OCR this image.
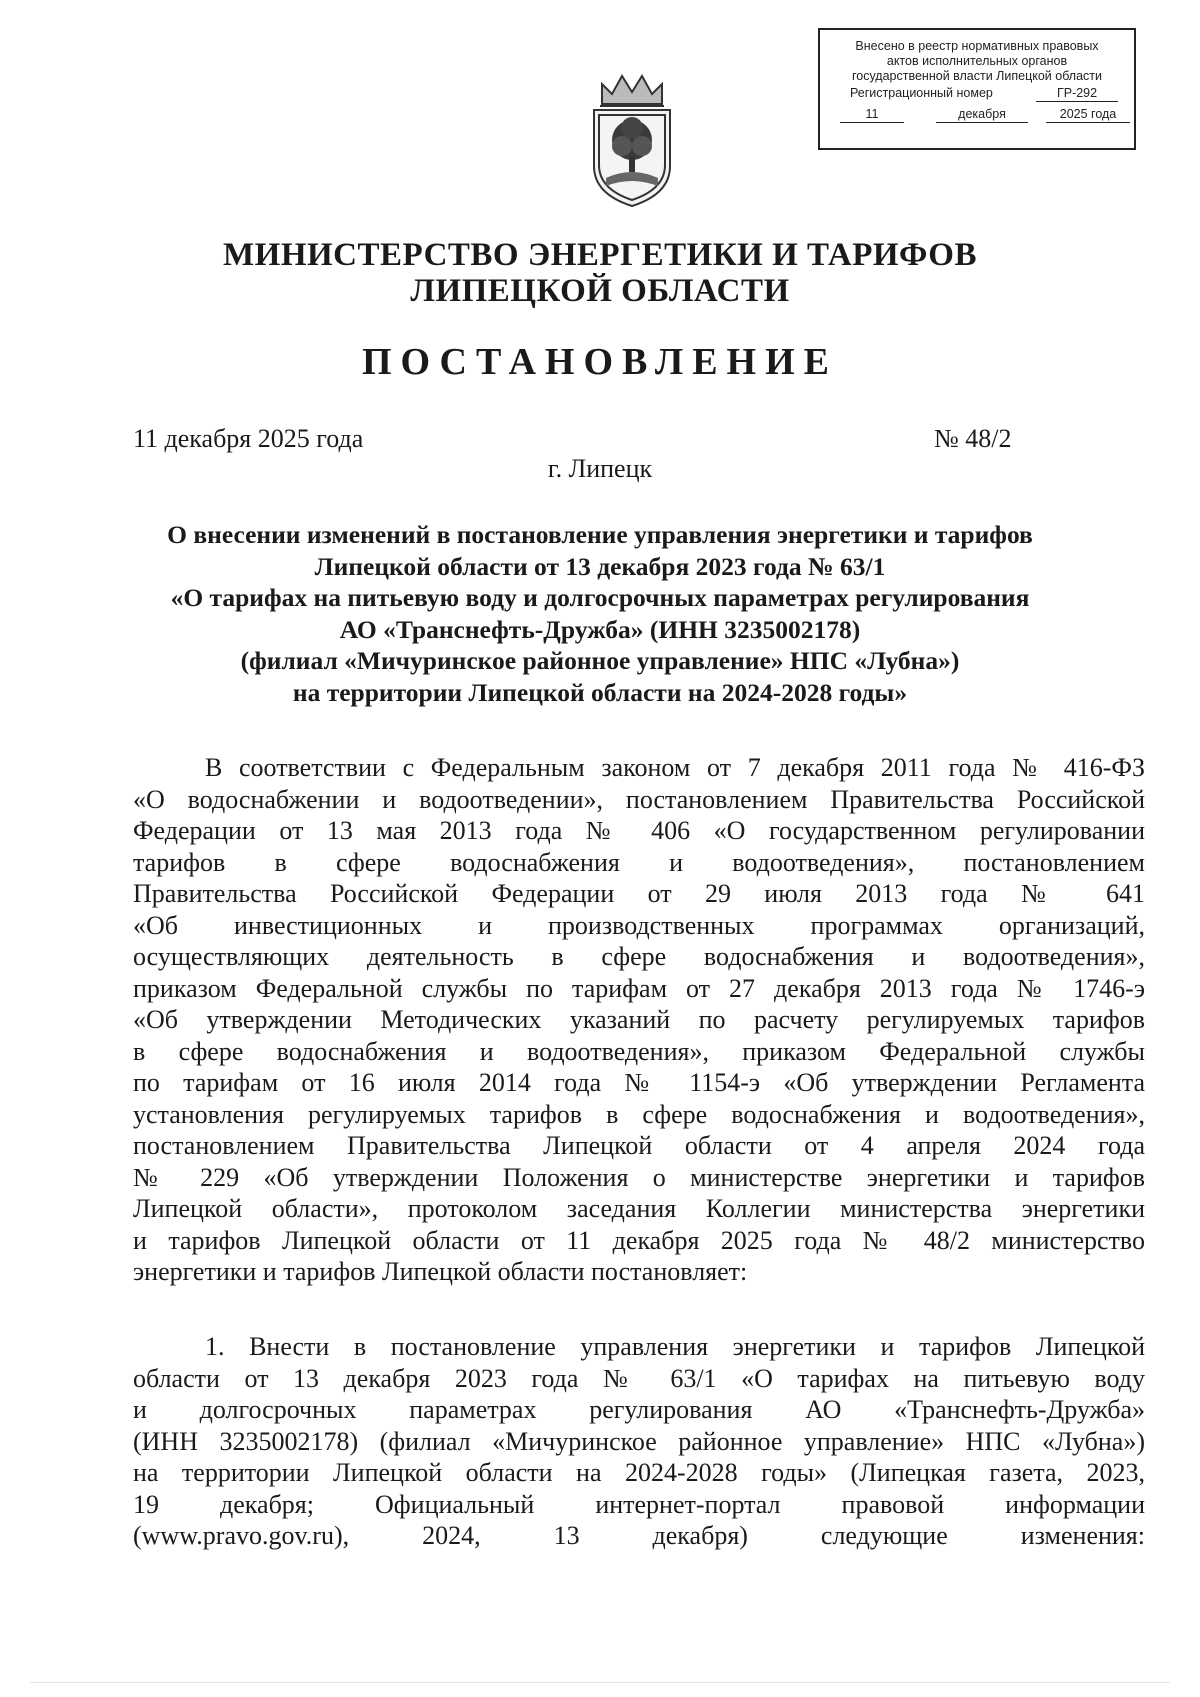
Внесено в реестр нормативных правовых
актов исполнительных органов
государственной власти Липецкой области
Регистрационный номер	ГР-292
11	декабря	2025 года
МИНИСТЕРСТВО ЭНЕРГЕТИКИ И ТАРИФОВ
ЛИПЕЦКОЙ ОБЛАСТИ
ПОСТАНОВЛЕНИЕ
11 декабря 2025 года	№ 48/2
г. Липецк
О внесении изменений в постановление управления энергетики и тарифов
Липецкой области от 13 декабря 2023 года № 63/1
«О тарифах на питьевую воду и долгосрочных параметрах регулирования
АО «Транснефть-Дружба» (ИНН 3235002178)
(филиал «Мичуринское районное управление» НПС «Лубна»)
на территории Липецкой области на 2024-2028 годы»
В соответствии с Федеральным законом от 7 декабря 2011 года № 416-ФЗ
«О водоснабжении и водоотведении», постановлением Правительства Российской
Федерации от 13 мая 2013 года № 406 «О государственном регулировании
тарифов в сфере водоснабжения и водоотведения», постановлением
Правительства Российской Федерации от 29 июля 2013 года № 641
«Об инвестиционных и производственных программах организаций,
осуществляющих деятельность в сфере водоснабжения и водоотведения»,
приказом Федеральной службы по тарифам от 27 декабря 2013 года № 1746-э
«Об утверждении Методических указаний по расчету регулируемых тарифов
в сфере водоснабжения и водоотведения», приказом Федеральной службы
по тарифам от 16 июля 2014 года № 1154-э «Об утверждении Регламента
установления регулируемых тарифов в сфере водоснабжения и водоотведения»,
постановлением Правительства Липецкой области от 4 апреля 2024 года
№ 229 «Об утверждении Положения о министерстве энергетики и тарифов
Липецкой области», протоколом заседания Коллегии министерства энергетики
и тарифов Липецкой области от 11 декабря 2025 года № 48/2 министерство
энергетики и тарифов Липецкой области постановляет:
1. Внести в постановление управления энергетики и тарифов Липецкой
области от 13 декабря 2023 года № 63/1 «О тарифах на питьевую воду
и долгосрочных параметрах регулирования АО «Транснефть-Дружба»
(ИНН 3235002178) (филиал «Мичуринское районное управление» НПС «Лубна»)
на территории Липецкой области на 2024-2028 годы» (Липецкая газета, 2023,
19 декабря; Официальный интернет-портал правовой информации
(www.pravo.gov.ru), 2024, 13 декабря) следующие изменения:
